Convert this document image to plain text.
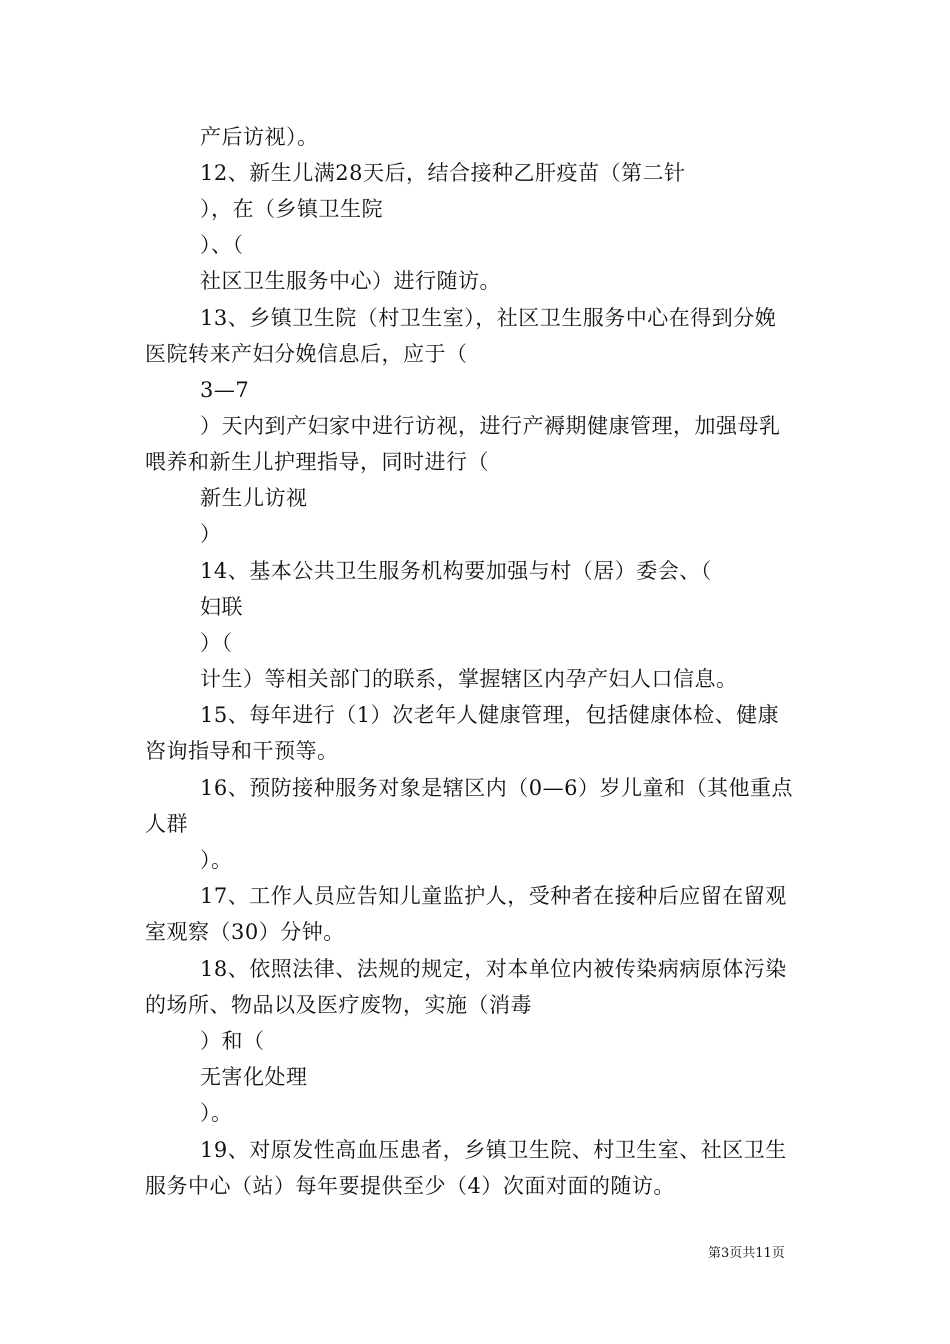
产后访视）。
12、新生儿满28天后，结合接种乙肝疫苗（第二针
），在（乡镇卫生院
）、（
社区卫生服务中心）进行随访。
13、乡镇卫生院（村卫生室），社区卫生服务中心在得到分娩
医院转来产妇分娩信息后，应于（
3—7
）天内到产妇家中进行访视，进行产褥期健康管理，加强母乳
喂养和新生儿护理指导，同时进行（
新生儿访视
）
14、基本公共卫生服务机构要加强与村（居）委会、（
妇联
）（
计生）等相关部门的联系，掌握辖区内孕产妇人口信息。
15、每年进行（1）次老年人健康管理，包括健康体检、健康
咨询指导和干预等。
16、预防接种服务对象是辖区内（0—6）岁儿童和（其他重点
人群
）。
17、工作人员应告知儿童监护人，受种者在接种后应留在留观
室观察（30）分钟。
18、依照法律、法规的规定，对本单位内被传染病病原体污染
的场所、物品以及医疗废物，实施（消毒
）和（
无害化处理
）。
19、对原发性高血压患者，乡镇卫生院、村卫生室、社区卫生
服务中心（站）每年要提供至少（4）次面对面的随访。
第3页共11页
